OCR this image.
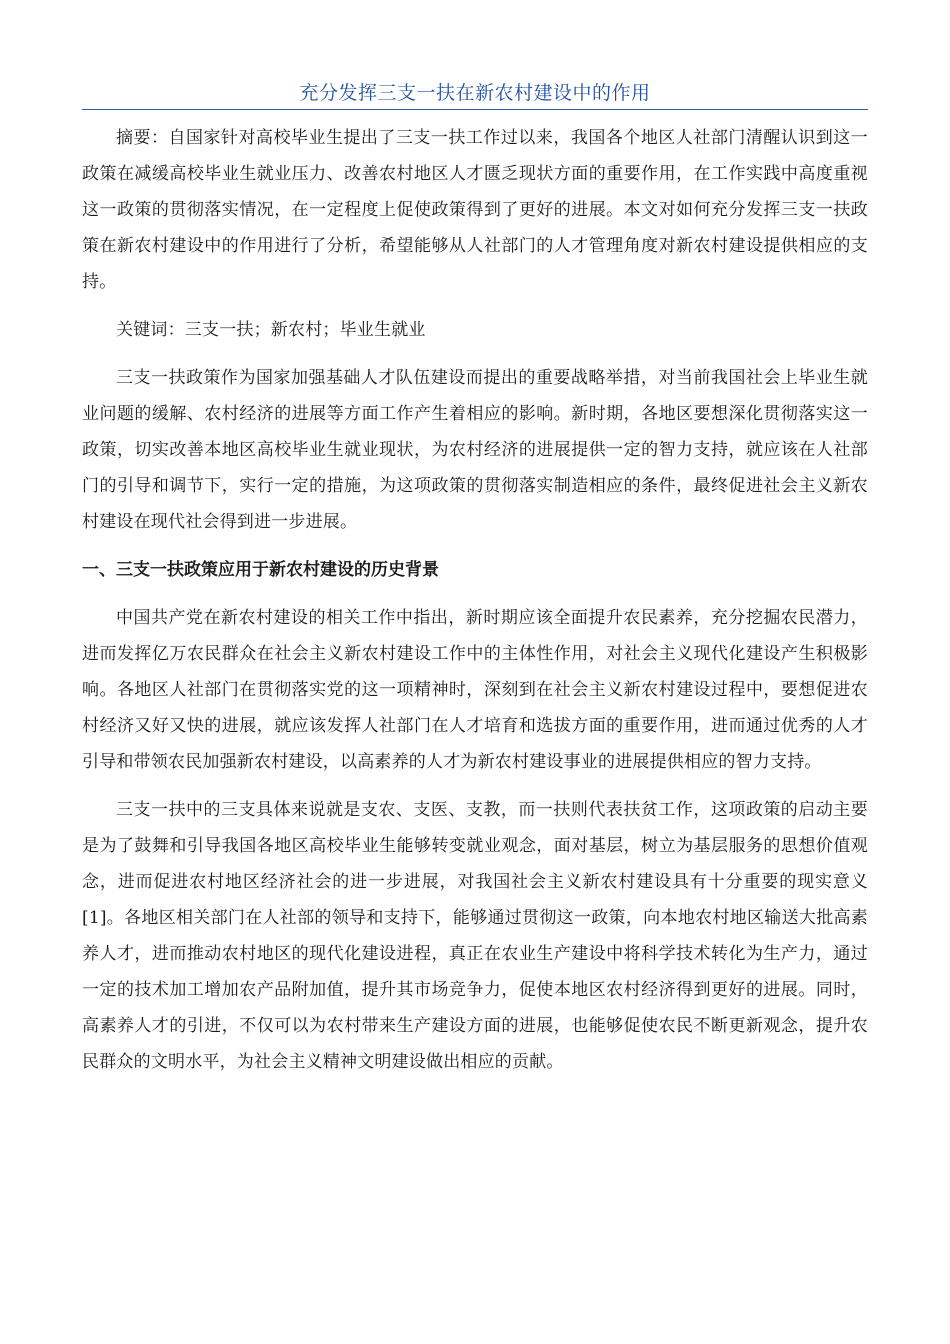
充分发挥三支一扶在新农村建设中的作用

摘要：自国家针对高校毕业生提出了三支一扶工作过以来，我国各个地区人社部门清醒认识到这一政策在减缓高校毕业生就业压力、改善农村地区人才匮乏现状方面的重要作用，在工作实践中高度重视这一政策的贯彻落实情况，在一定程度上促使政策得到了更好的进展。本文对如何充分发挥三支一扶政策在新农村建设中的作用进行了分析，希望能够从人社部门的人才管理角度对新农村建设提供相应的支持。

关键词：三支一扶；新农村；毕业生就业

三支一扶政策作为国家加强基础人才队伍建设而提出的重要战略举措，对当前我国社会上毕业生就业问题的缓解、农村经济的进展等方面工作产生着相应的影响。新时期，各地区要想深化贯彻落实这一政策，切实改善本地区高校毕业生就业现状，为农村经济的进展提供一定的智力支持，就应该在人社部门的引导和调节下，实行一定的措施，为这项政策的贯彻落实制造相应的条件，最终促进社会主义新农村建设在现代社会得到进一步进展。

一、三支一扶政策应用于新农村建设的历史背景

中国共产党在新农村建设的相关工作中指出，新时期应该全面提升农民素养，充分挖掘农民潜力，进而发挥亿万农民群众在社会主义新农村建设工作中的主体性作用，对社会主义现代化建设产生积极影响。各地区人社部门在贯彻落实党的这一项精神时，深刻到在社会主义新农村建设过程中，要想促进农村经济又好又快的进展，就应该发挥人社部门在人才培育和选拔方面的重要作用，进而通过优秀的人才引导和带领农民加强新农村建设，以高素养的人才为新农村建设事业的进展提供相应的智力支持。

三支一扶中的三支具体来说就是支农、支医、支教，而一扶则代表扶贫工作，这项政策的启动主要是为了鼓舞和引导我国各地区高校毕业生能够转变就业观念，面对基层，树立为基层服务的思想价值观念，进而促进农村地区经济社会的进一步进展，对我国社会主义新农村建设具有十分重要的现实意义[1]。各地区相关部门在人社部的领导和支持下，能够通过贯彻这一政策，向本地农村地区输送大批高素养人才，进而推动农村地区的现代化建设进程，真正在农业生产建设中将科学技术转化为生产力，通过一定的技术加工增加农产品附加值，提升其市场竞争力，促使本地区农村经济得到更好的进展。同时，高素养人才的引进，不仅可以为农村带来生产建设方面的进展，也能够促使农民不断更新观念，提升农民群众的文明水平，为社会主义精神文明建设做出相应的贡献。
